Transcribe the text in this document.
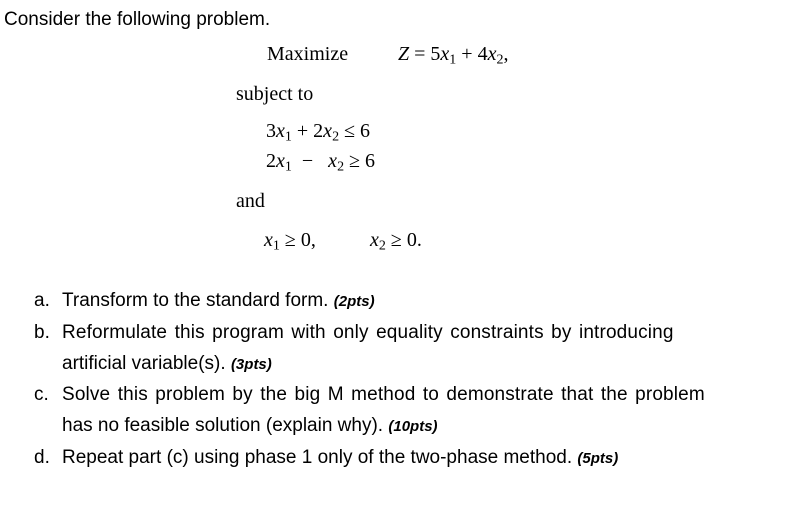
Consider the following problem.
Maximize $Z = 5x_1 + 4x_2$,
subject to
$3x_1 + 2x_2 \le 6$
$2x_1 - x_2 \ge 6$
and
$x_1 \ge 0$,	$x_2 \ge 0$.
a. Transform to the standard form. (2pts)
b. Reformulate this program with only equality constraints by introducing
artificial variable(s). (3pts)
c. Solve this problem by the big M method to demonstrate that the problem
has no feasible solution (explain why). (10pts)
d. Repeat part (c) using phase 1 only of the two-phase method. (5pts)
